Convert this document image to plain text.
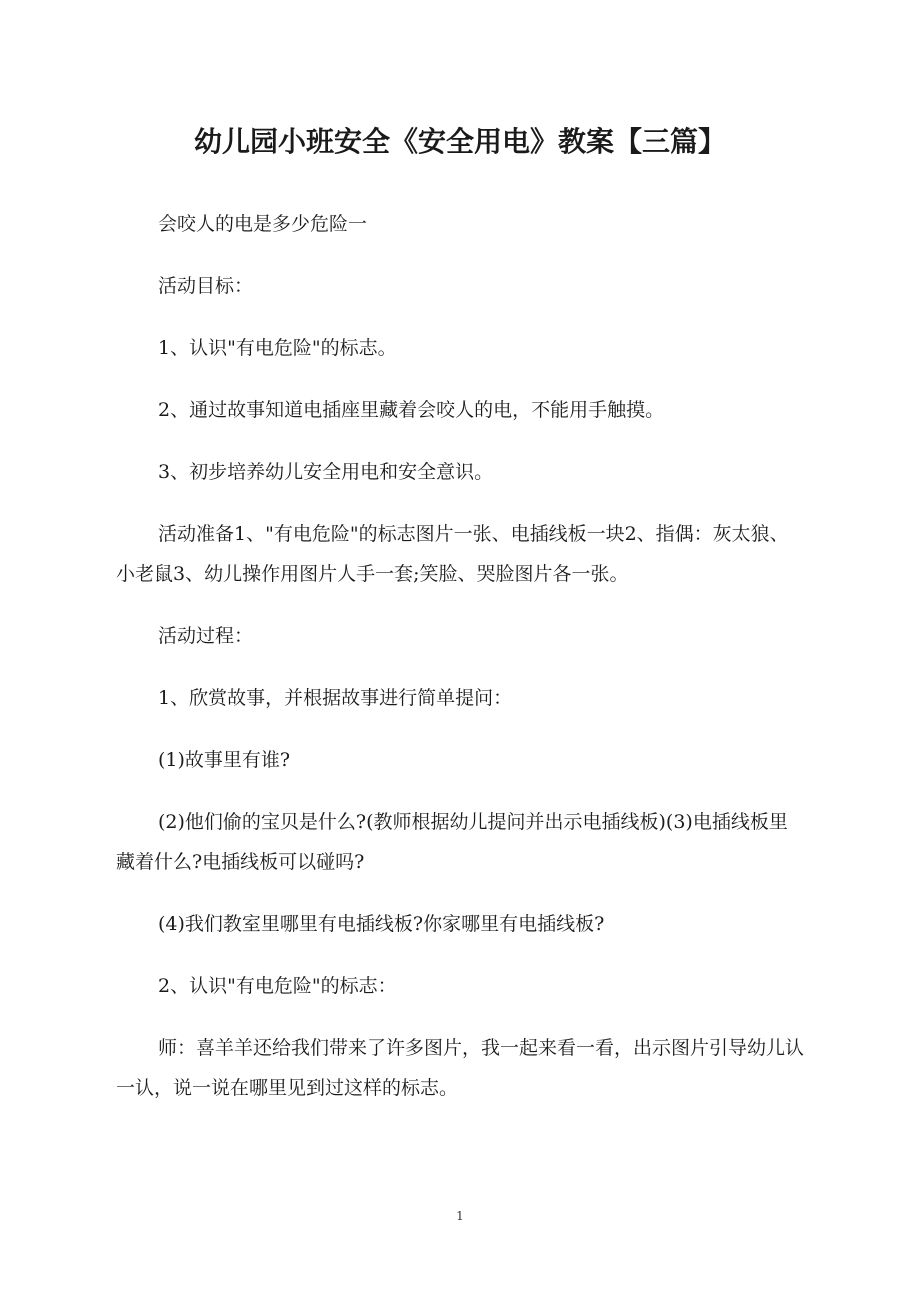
幼儿园小班安全《安全用电》教案【三篇】

会咬人的电是多少危险一

活动目标：

1、认识"有电危险"的标志。

2、通过故事知道电插座里藏着会咬人的电，不能用手触摸。

3、初步培养幼儿安全用电和安全意识。

活动准备1、"有电危险"的标志图片一张、电插线板一块2、指偶：灰太狼、小老鼠3、幼儿操作用图片人手一套;笑脸、哭脸图片各一张。

活动过程：

1、欣赏故事，并根据故事进行简单提问：

(1)故事里有谁?

(2)他们偷的宝贝是什么?(教师根据幼儿提问并出示电插线板)(3)电插线板里藏着什么?电插线板可以碰吗?

(4)我们教室里哪里有电插线板?你家哪里有电插线板?

2、认识"有电危险"的标志：

师：喜羊羊还给我们带来了许多图片，我一起来看一看，出示图片引导幼儿认一认，说一说在哪里见到过这样的标志。

1
